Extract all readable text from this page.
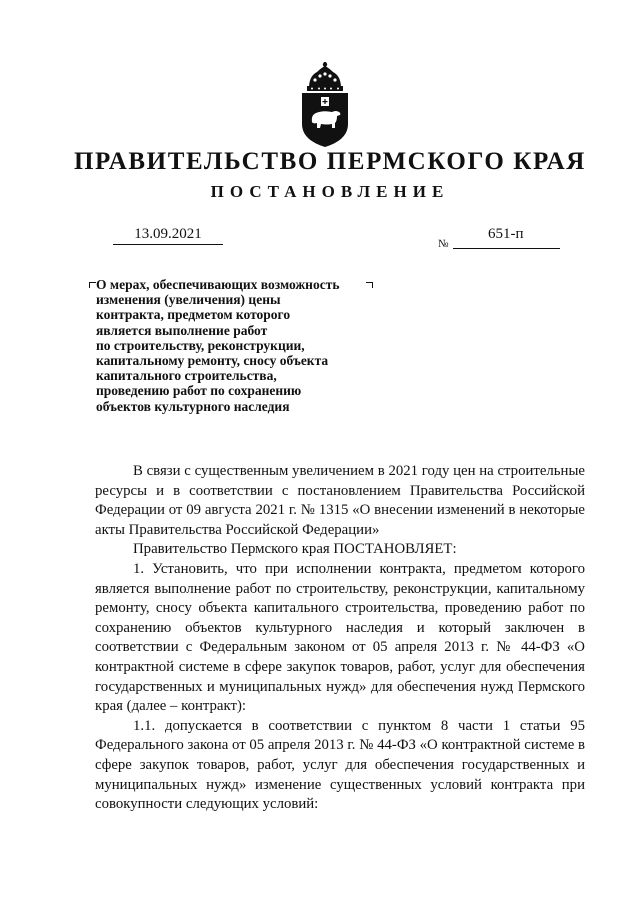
ПРАВИТЕЛЬСТВО ПЕРМСКОГО КРАЯ
ПОСТАНОВЛЕНИЕ
13.09.2021
№
651-п
О мерах, обеспечивающих возможность
изменения (увеличения) цены
контракта, предметом которого
является выполнение работ
по строительству, реконструкции,
капитальному ремонту, сносу объекта
капитального строительства,
проведению работ по сохранению
объектов культурного наследия

В связи с существенным увеличением в 2021 году цен на строительные ресурсы и в соответствии с постановлением Правительства Российской Федерации от 09 августа 2021 г. № 1315 «О внесении изменений в некоторые акты Правительства Российской Федерации»

Правительство Пермского края ПОСТАНОВЛЯЕТ:

1. Установить, что при исполнении контракта, предметом которого является выполнение работ по строительству, реконструкции, капитальному ремонту, сносу объекта капитального строительства, проведению работ по сохранению объектов культурного наследия и который заключен в соответствии с Федеральным законом от 05 апреля 2013 г. № 44-ФЗ «О контрактной системе в сфере закупок товаров, работ, услуг для обеспечения государственных и муниципальных нужд» для обеспечения нужд Пермского края (далее – контракт):

1.1. допускается в соответствии с пунктом 8 части 1 статьи 95 Федерального закона от 05 апреля 2013 г. № 44-ФЗ «О контрактной системе в сфере закупок товаров, работ, услуг для обеспечения государственных и муниципальных нужд» изменение существенных условий контракта при совокупности следующих условий:
